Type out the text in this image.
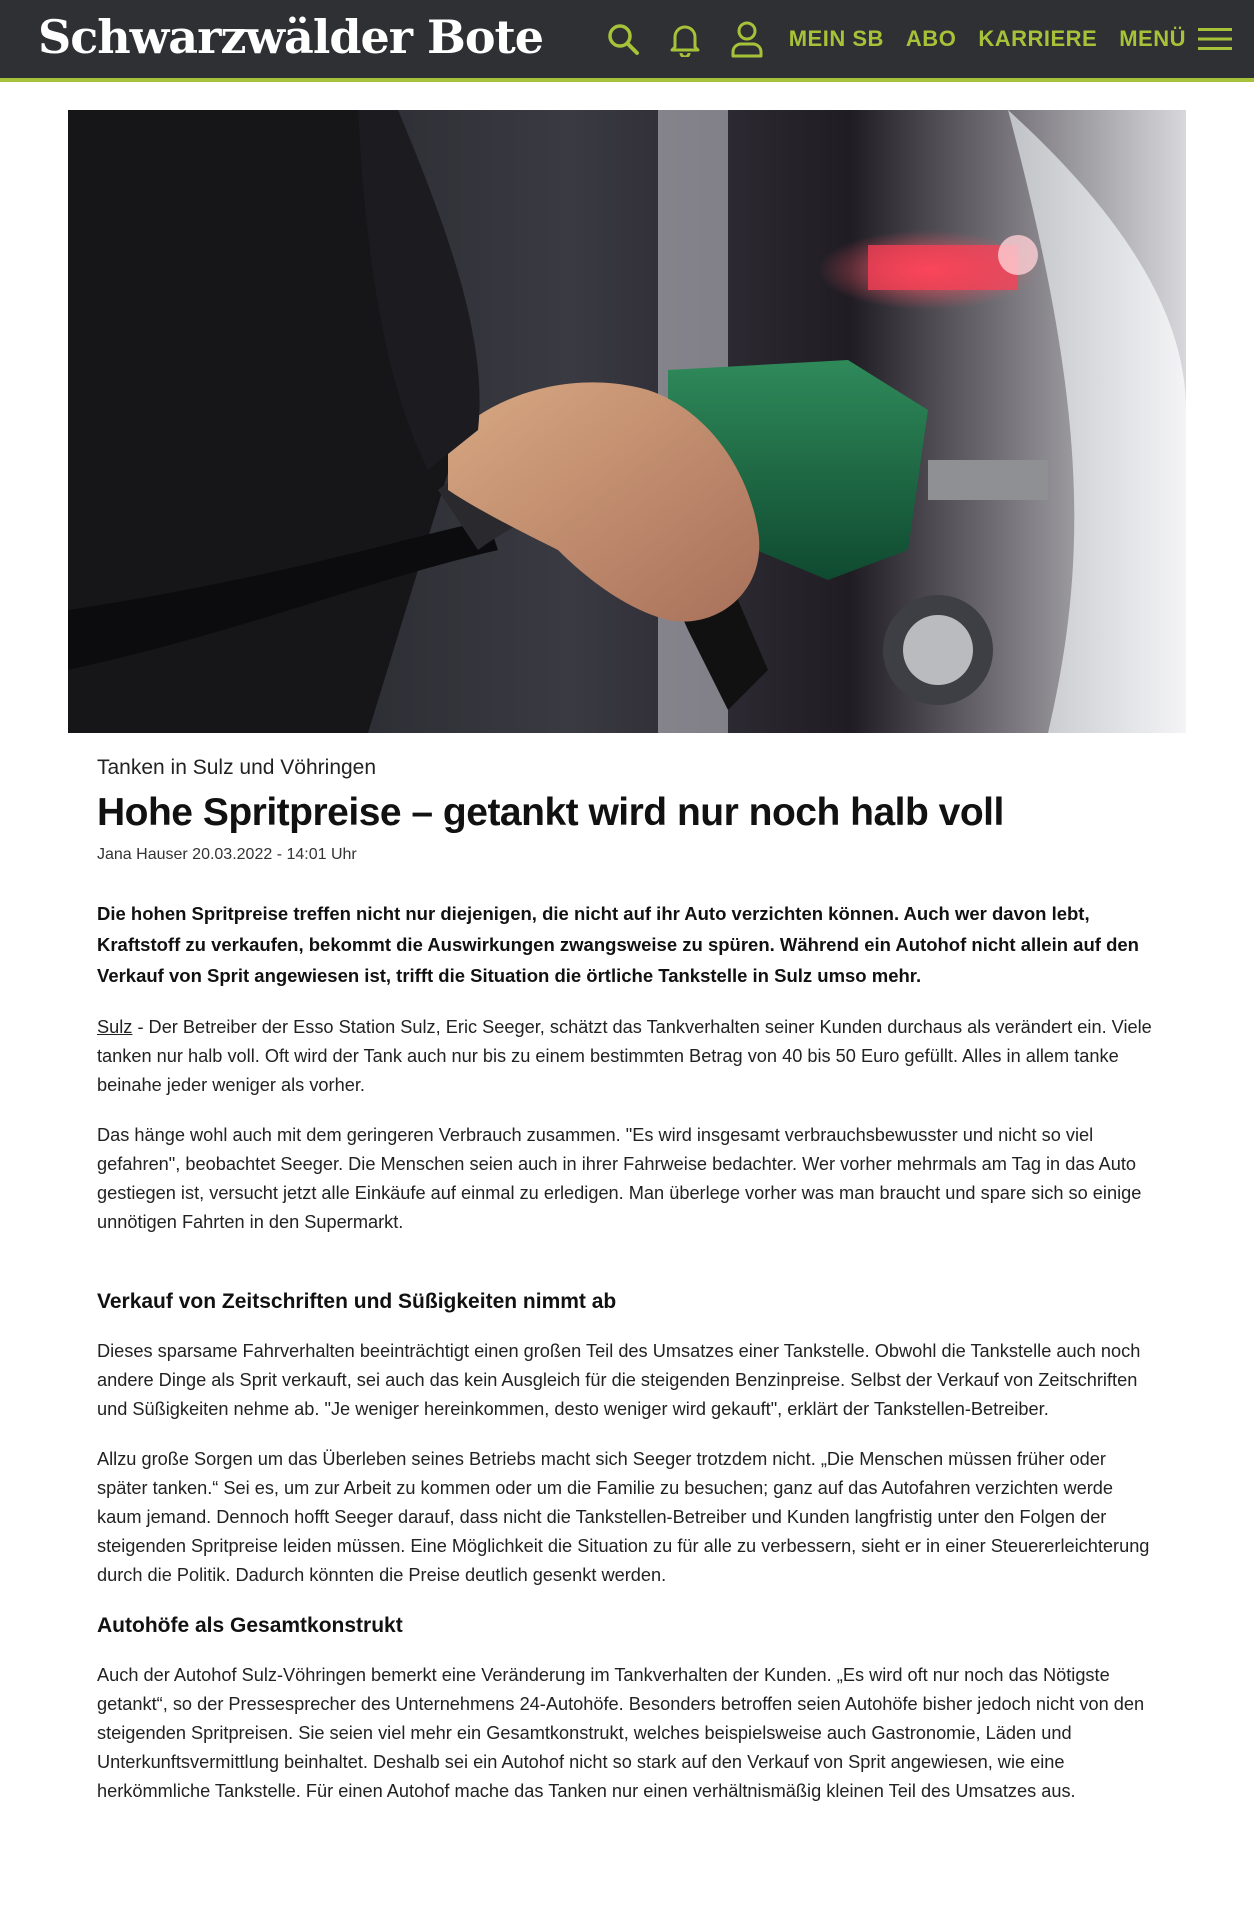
Schwarzwälder Bote	MEIN SB ABO KARRIERE MENÜ
Tanken in Sulz und Vöhringen
Hohe Spritpreise – getankt wird nur noch halb voll
Jana Hauser 20.03.2022 - 14:01 Uhr

Die hohen Spritpreise treffen nicht nur diejenigen, die nicht auf ihr Auto verzichten können. Auch wer davon lebt, Kraftstoff zu verkaufen, bekommt die Auswirkungen zwangsweise zu spüren. Während ein Autohof nicht allein auf den Verkauf von Sprit angewiesen ist, trifft die Situation die örtliche Tankstelle in Sulz umso mehr.

Sulz - Der Betreiber der Esso Station Sulz, Eric Seeger, schätzt das Tankverhalten seiner Kunden durchaus als verändert ein. Viele tanken nur halb voll. Oft wird der Tank auch nur bis zu einem bestimmten Betrag von 40 bis 50 Euro gefüllt. Alles in allem tanke beinahe jeder weniger als vorher.

Das hänge wohl auch mit dem geringeren Verbrauch zusammen. "Es wird insgesamt verbrauchsbewusster und nicht so viel gefahren", beobachtet Seeger. Die Menschen seien auch in ihrer Fahrweise bedachter. Wer vorher mehrmals am Tag in das Auto gestiegen ist, versucht jetzt alle Einkäufe auf einmal zu erledigen. Man überlege vorher was man braucht und spare sich so einige unnötigen Fahrten in den Supermarkt.

Verkauf von Zeitschriften und Süßigkeiten nimmt ab

Dieses sparsame Fahrverhalten beeinträchtigt einen großen Teil des Umsatzes einer Tankstelle. Obwohl die Tankstelle auch noch andere Dinge als Sprit verkauft, sei auch das kein Ausgleich für die steigenden Benzinpreise. Selbst der Verkauf von Zeitschriften und Süßigkeiten nehme ab. "Je weniger hereinkommen, desto weniger wird gekauft", erklärt der Tankstellen-Betreiber.

Allzu große Sorgen um das Überleben seines Betriebs macht sich Seeger trotzdem nicht. „Die Menschen müssen früher oder später tanken.“ Sei es, um zur Arbeit zu kommen oder um die Familie zu besuchen; ganz auf das Autofahren verzichten werde kaum jemand. Dennoch hofft Seeger darauf, dass nicht die Tankstellen-Betreiber und Kunden langfristig unter den Folgen der steigenden Spritpreise leiden müssen. Eine Möglichkeit die Situation zu für alle zu verbessern, sieht er in einer Steuererleichterung durch die Politik. Dadurch könnten die Preise deutlich gesenkt werden.

Autohöfe als Gesamtkonstrukt

Auch der Autohof Sulz-Vöhringen bemerkt eine Veränderung im Tankverhalten der Kunden. „Es wird oft nur noch das Nötigste getankt“, so der Pressesprecher des Unternehmens 24-Autohöfe. Besonders betroffen seien Autohöfe bisher jedoch nicht von den steigenden Spritpreisen. Sie seien viel mehr ein Gesamtkonstrukt, welches beispielsweise auch Gastronomie, Läden und Unterkunftsvermittlung beinhaltet. Deshalb sei ein Autohof nicht so stark auf den Verkauf von Sprit angewiesen, wie eine herkömmliche Tankstelle. Für einen Autohof mache das Tanken nur einen verhältnismäßig kleinen Teil des Umsatzes aus.
